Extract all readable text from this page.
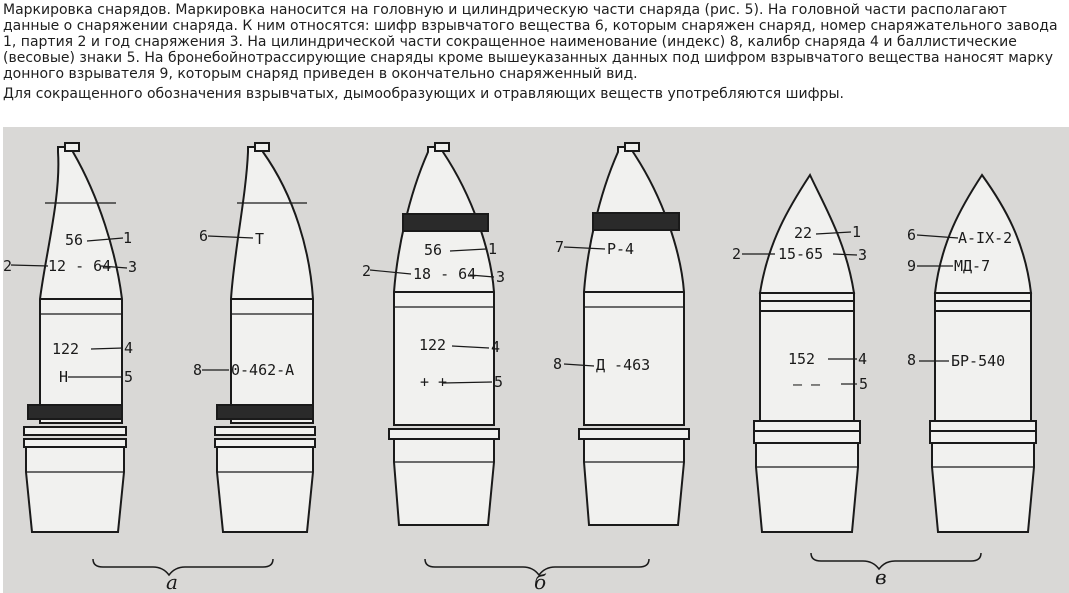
Маркировка снарядов. Маркировка наносится на головную и цилиндрическую части снаряда (рис. 5). На головной части располагают данные о снаряжении снаряда. К ним относятся: шифр взрывчатого вещества 6, которым снаряжен снаряд, номер снаряжательного завода 1, партия 2 и год снаряжения 3. На цилиндрической части сокращенное наименование (индекс) 8, калибр снаряда 4 и баллистические (весовые) знаки 5. На бронебойнотрассирующие снаряды кроме вышеуказанных данных под шифром взрывчатого вещества наносят марку донного взрывателя 9, которым снаряд приведен в окончательно снаряженный вид.

Для сокращенного обозначения взрывчатых, дымообразующих и отравляющих веществ употребляются шифры.

56
12 - 64
122
Н
1
2	3
4
5
Т
0-462-А
6
8
56
18 - 64
122
+ +
1
2	3
4
5
Р-4
Д -463
7
8
22
15-65
152
— —
1
2	3
4
5
А-IX-2
МД-7
БР-540
6
9
8
а	б	в
